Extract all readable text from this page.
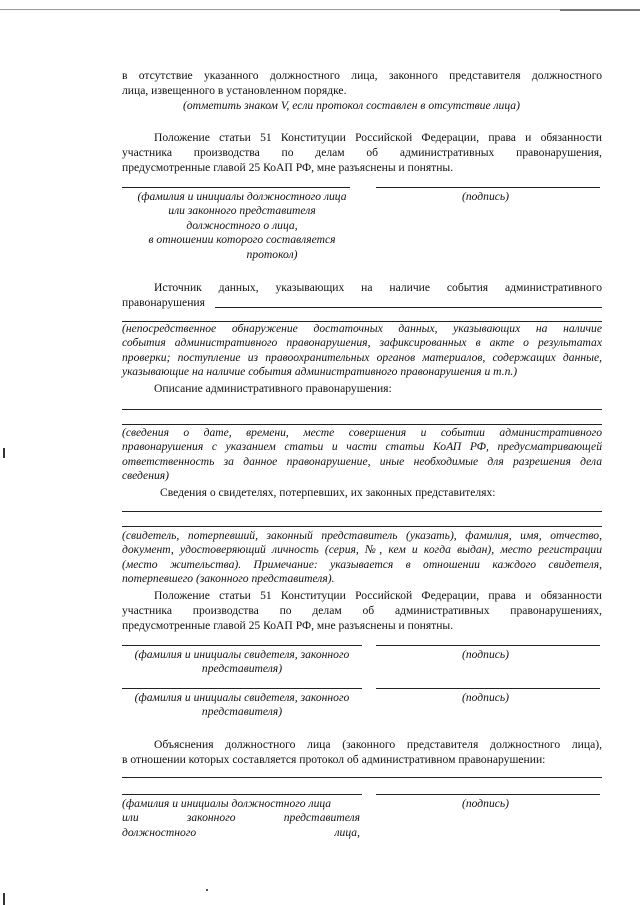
в отсутствие указанного должностного лица, законного представителя должностного
лица, извещенного в установленном порядке.
(отметить знаком V, если протокол составлен в отсутствие лица)
Положение статьи 51 Конституции Российской Федерации, права и обязанности
участника производства по делам об административных правонарушения,
предусмотренные главой 25 КоАП РФ, мне разъяснены и понятны.
(фамилия и инициалы должностного лица
или законного представителя
должностного о лица,
в отношении которого составляется
протокол)
(подпись)
Источник данных, указывающих на наличие события административного
правонарушения
(непосредственное обнаружение достаточных данных, указывающих на наличие
события административного правонарушения, зафиксированных в акте о результатах
проверки; поступление из правоохранительных органов материалов, содержащих данные,
указывающие на наличие события административного правонарушения и т.п.)
Описание административного правонарушения:
(сведения о дате, времени, месте совершения и событии административного
правонарушения с указанием статьи и части статьи КоАП РФ, предусматривающей
ответственность за данное правонарушение, иные необходимые для разрешения дела
сведения)
Сведения о свидетелях, потерпевших, их законных представителях:
(свидетель, потерпевший, законный представитель (указать), фамилия, имя, отчество,
документ, удостоверяющий личность (серия, №, кем и когда выдан), место регистрации
(место жительства). Примечание: указывается в отношении каждого свидетеля,
потерпевшего (законного представителя).
Положение статьи 51 Конституции Российской Федерации, права и обязанности
участника производства по делам об административных правонарушениях,
предусмотренные главой 25 КоАП РФ, мне разъяснены и понятны.
(фамилия и инициалы свидетеля, законного
представителя)
(подпись)
(фамилия и инициалы свидетеля, законного
представителя)
(подпись)
Объяснения должностного лица (законного представителя должностного лица),
в отношении которых составляется протокол об административном правонарушении:
(фамилия и инициалы должностного лица
или	законного	представителя
должностного	лица,
(подпись)
